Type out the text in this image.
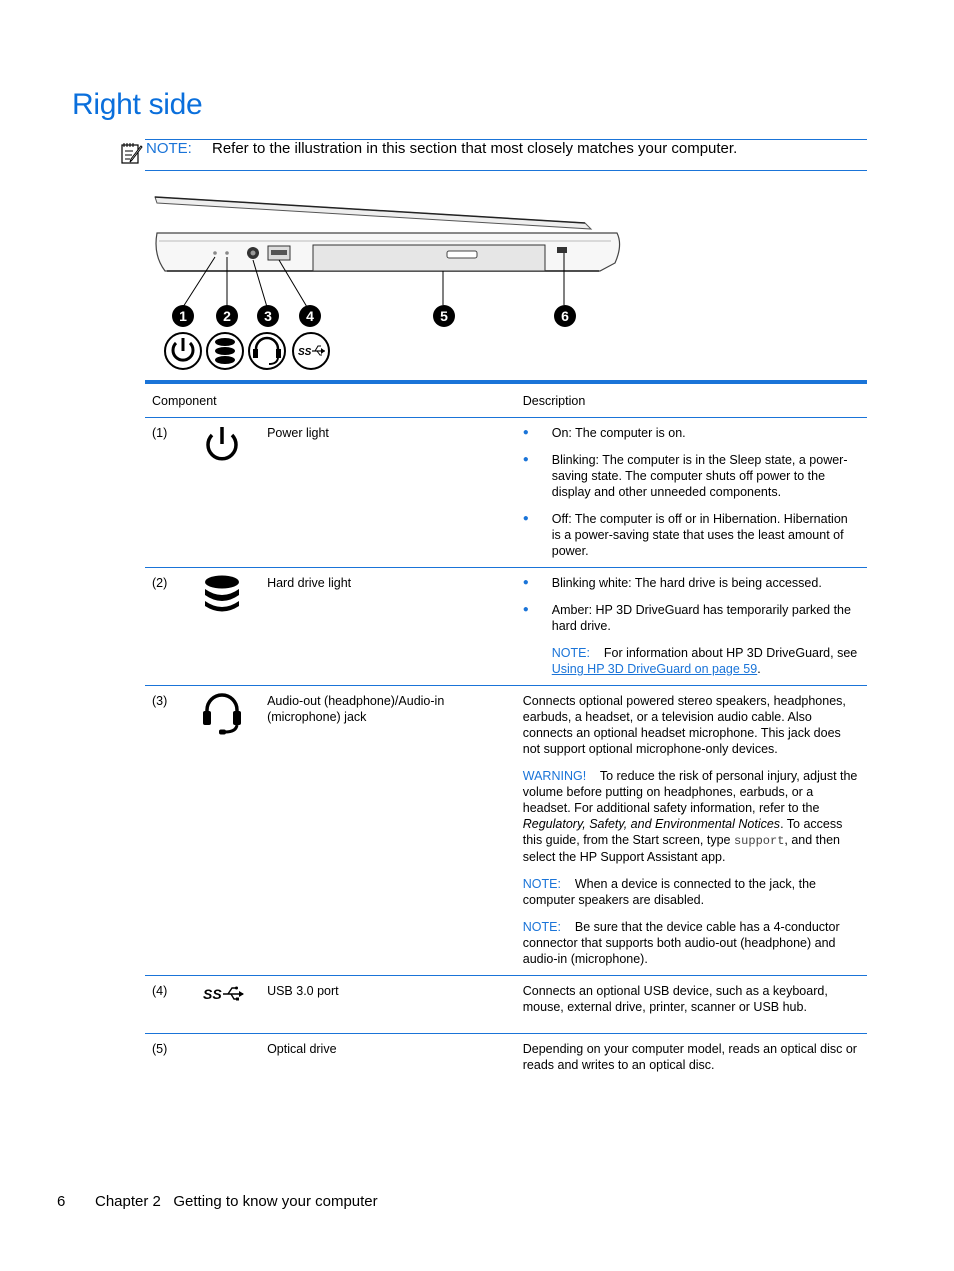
Right side
NOTE: Refer to the illustration in this section that most closely matches your computer.
1	2 3 4	5	6
SS
Component			Description
(1)		Power light	● On: The computer is on.

● Blinking: The computer is in the Sleep state, a power-saving state. The computer shuts off power to the display and other unneeded components.

● Off: The computer is off or in Hibernation. Hibernation is a power-saving state that uses the least amount of power.

(2)		Hard drive light	● Blinking white: The hard drive is being accessed.

● Amber: HP 3D DriveGuard has temporarily parked the hard drive.

NOTE: For information about HP 3D DriveGuard, see Using HP 3D DriveGuard on page 59.

(3)		Audio-out (headphone)/Audio-in (microphone) jack	Connects optional powered stereo speakers, headphones, earbuds, a headset, or a television audio cable. Also connects an optional headset microphone. This jack does not support optional microphone-only devices.

WARNING! To reduce the risk of personal injury, adjust the volume before putting on headphones, earbuds, or a headset. For additional safety information, refer to the Regulatory, Safety, and Environmental Notices. To access this guide, from the Start screen, type support, and then select the HP Support Assistant app.

NOTE: When a device is connected to the jack, the computer speakers are disabled.

NOTE: Be sure that the device cable has a 4-conductor connector that supports both audio-out (headphone) and audio-in (microphone).

(4)	SS	USB 3.0 port	Connects an optional USB device, such as a keyboard, mouse, external drive, printer, scanner or USB hub.
(5)		Optical drive	Depending on your computer model, reads an optical disc or reads and writes to an optical disc.
6 Chapter 2   Getting to know your computer
